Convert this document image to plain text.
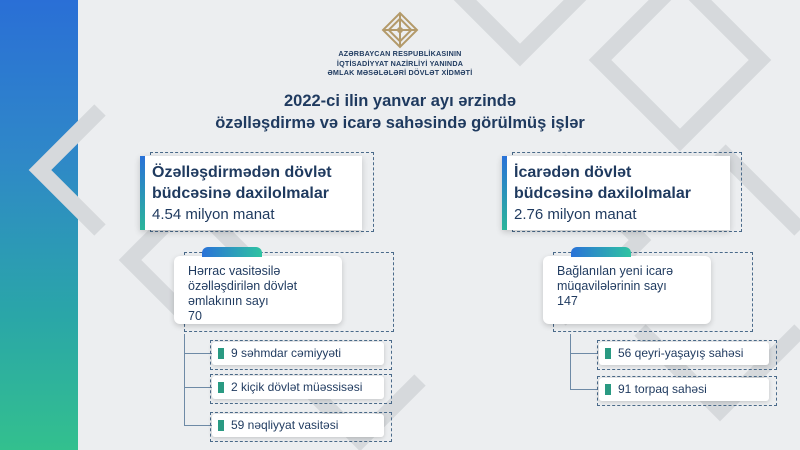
AZƏRBAYCAN RESPUBLİKASININ
İQTİSADİYYAT NAZİRLİYİ YANINDA
ƏMLAK MƏSƏLƏLƏRİ DÖVLƏT XİDMƏTİ
2022-ci ilin yanvar ayı ərzində
özəlləşdirmə və icarə sahəsində görülmüş işlər
Özəlləşdirmədən dövlət
büdcəsinə daxilolmalar
4.54 milyon manat
İcarədən dövlət
büdcəsinə daxilolmalar
2.76 milyon manat
Hərrac vasitəsilə
özəlləşdirilən dövlət
əmlakının sayı
70
Bağlanılan yeni icarə
müqavilələrinin sayı
147
9 səhmdar cəmiyyəti
2 kiçik dövlət müəssisəsi
59 nəqliyyat vasitəsi
56 qeyri-yaşayış sahəsi
91 torpaq sahəsi
